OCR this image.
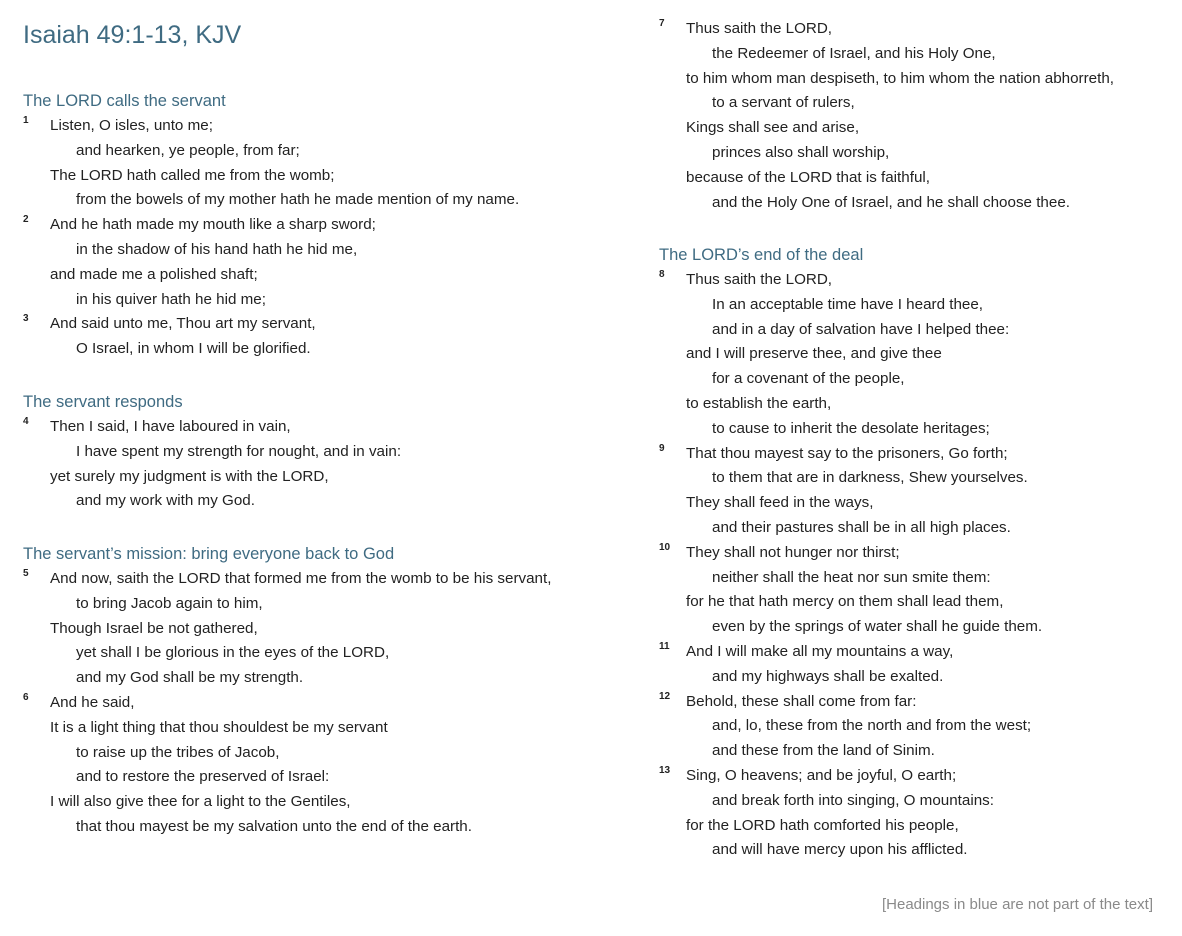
Isaiah 49:1-13, KJV
The LORD calls the servant
1 Listen, O isles, unto me;
and hearken, ye people, from far;
The LORD hath called me from the womb;
from the bowels of my mother hath he made mention of my name.
2 And he hath made my mouth like a sharp sword;
in the shadow of his hand hath he hid me,
and made me a polished shaft;
in his quiver hath he hid me;
3 And said unto me, Thou art my servant,
O Israel, in whom I will be glorified.
The servant responds
4 Then I said, I have laboured in vain,
I have spent my strength for nought, and in vain:
yet surely my judgment is with the LORD,
and my work with my God.
The servant’s mission: bring everyone back to God
5 And now, saith the LORD that formed me from the womb to be his servant,
to bring Jacob again to him,
Though Israel be not gathered,
yet shall I be glorious in the eyes of the LORD,
and my God shall be my strength.
6 And he said,
It is a light thing that thou shouldest be my servant
to raise up the tribes of Jacob,
and to restore the preserved of Israel:
I will also give thee for a light to the Gentiles,
that thou mayest be my salvation unto the end of the earth.
7 Thus saith the LORD,
the Redeemer of Israel, and his Holy One,
to him whom man despiseth, to him whom the nation abhorreth,
to a servant of rulers,
Kings shall see and arise,
princes also shall worship,
because of the LORD that is faithful,
and the Holy One of Israel, and he shall choose thee.
The LORD’s end of the deal
8 Thus saith the LORD,
In an acceptable time have I heard thee,
and in a day of salvation have I helped thee:
and I will preserve thee, and give thee
for a covenant of the people,
to establish the earth,
to cause to inherit the desolate heritages;
9 That thou mayest say to the prisoners, Go forth;
to them that are in darkness, Shew yourselves.
They shall feed in the ways,
and their pastures shall be in all high places.
10 They shall not hunger nor thirst;
neither shall the heat nor sun smite them:
for he that hath mercy on them shall lead them,
even by the springs of water shall he guide them.
11 And I will make all my mountains a way,
and my highways shall be exalted.
12 Behold, these shall come from far:
and, lo, these from the north and from the west;
and these from the land of Sinim.
13 Sing, O heavens; and be joyful, O earth;
and break forth into singing, O mountains:
for the LORD hath comforted his people,
and will have mercy upon his afflicted.
[Headings in blue are not part of the text]
